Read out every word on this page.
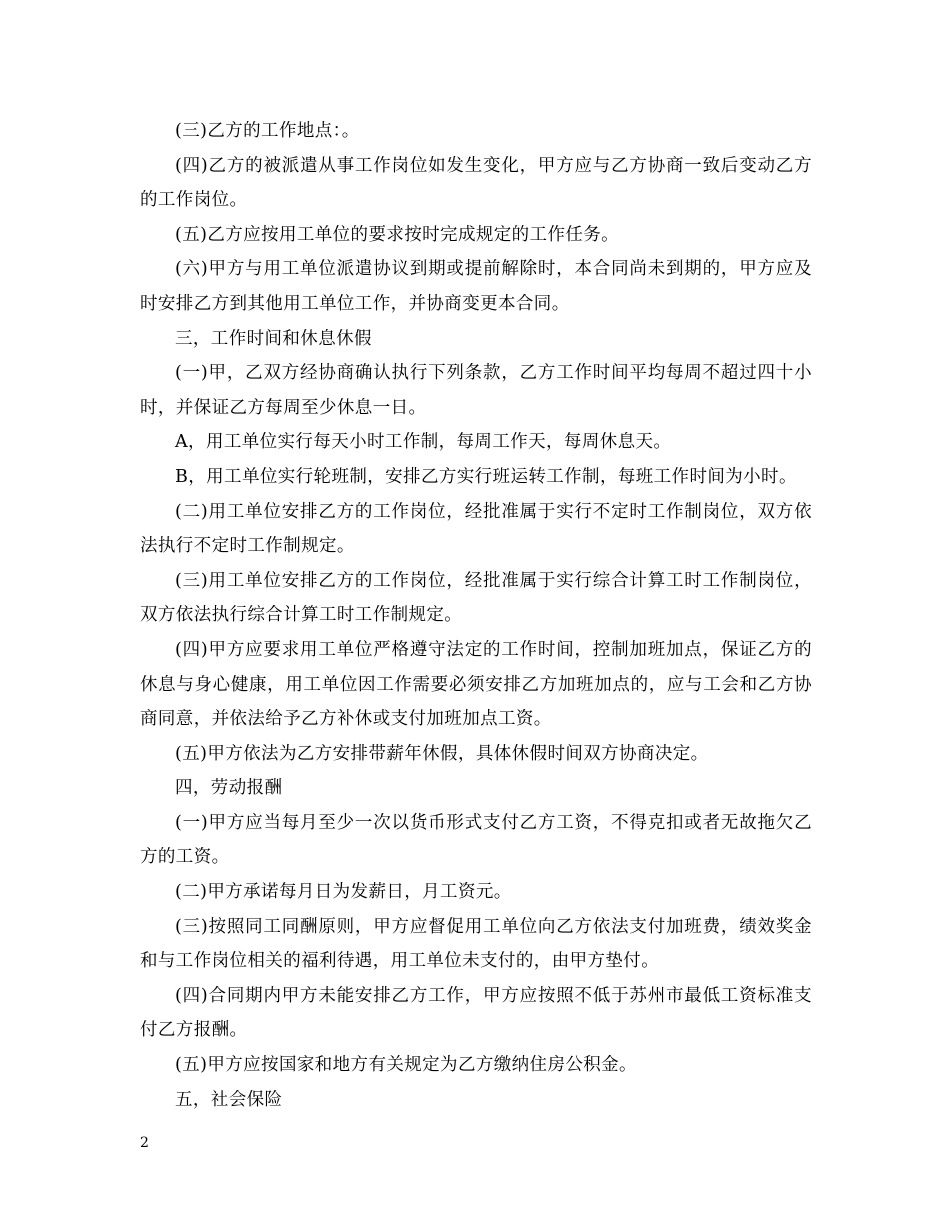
(三)乙方的工作地点：。

(四)乙方的被派遣从事工作岗位如发生变化，甲方应与乙方协商一致后变动乙方的工作岗位。

(五)乙方应按用工单位的要求按时完成规定的工作任务。

(六)甲方与用工单位派遣协议到期或提前解除时，本合同尚未到期的，甲方应及时安排乙方到其他用工单位工作，并协商变更本合同。

三，工作时间和休息休假

(一)甲，乙双方经协商确认执行下列条款，乙方工作时间平均每周不超过四十小时，并保证乙方每周至少休息一日。

A，用工单位实行每天小时工作制，每周工作天，每周休息天。

B，用工单位实行轮班制，安排乙方实行班运转工作制，每班工作时间为小时。

(二)用工单位安排乙方的工作岗位，经批准属于实行不定时工作制岗位，双方依法执行不定时工作制规定。

(三)用工单位安排乙方的工作岗位，经批准属于实行综合计算工时工作制岗位，双方依法执行综合计算工时工作制规定。

(四)甲方应要求用工单位严格遵守法定的工作时间，控制加班加点，保证乙方的休息与身心健康，用工单位因工作需要必须安排乙方加班加点的，应与工会和乙方协商同意，并依法给予乙方补休或支付加班加点工资。

(五)甲方依法为乙方安排带薪年休假，具体休假时间双方协商决定。

四，劳动报酬

(一)甲方应当每月至少一次以货币形式支付乙方工资，不得克扣或者无故拖欠乙方的工资。

(二)甲方承诺每月日为发薪日，月工资元。

(三)按照同工同酬原则，甲方应督促用工单位向乙方依法支付加班费，绩效奖金和与工作岗位相关的福利待遇，用工单位未支付的，由甲方垫付。

(四)合同期内甲方未能安排乙方工作，甲方应按照不低于苏州市最低工资标准支付乙方报酬。

(五)甲方应按国家和地方有关规定为乙方缴纳住房公积金。

五，社会保险

2
